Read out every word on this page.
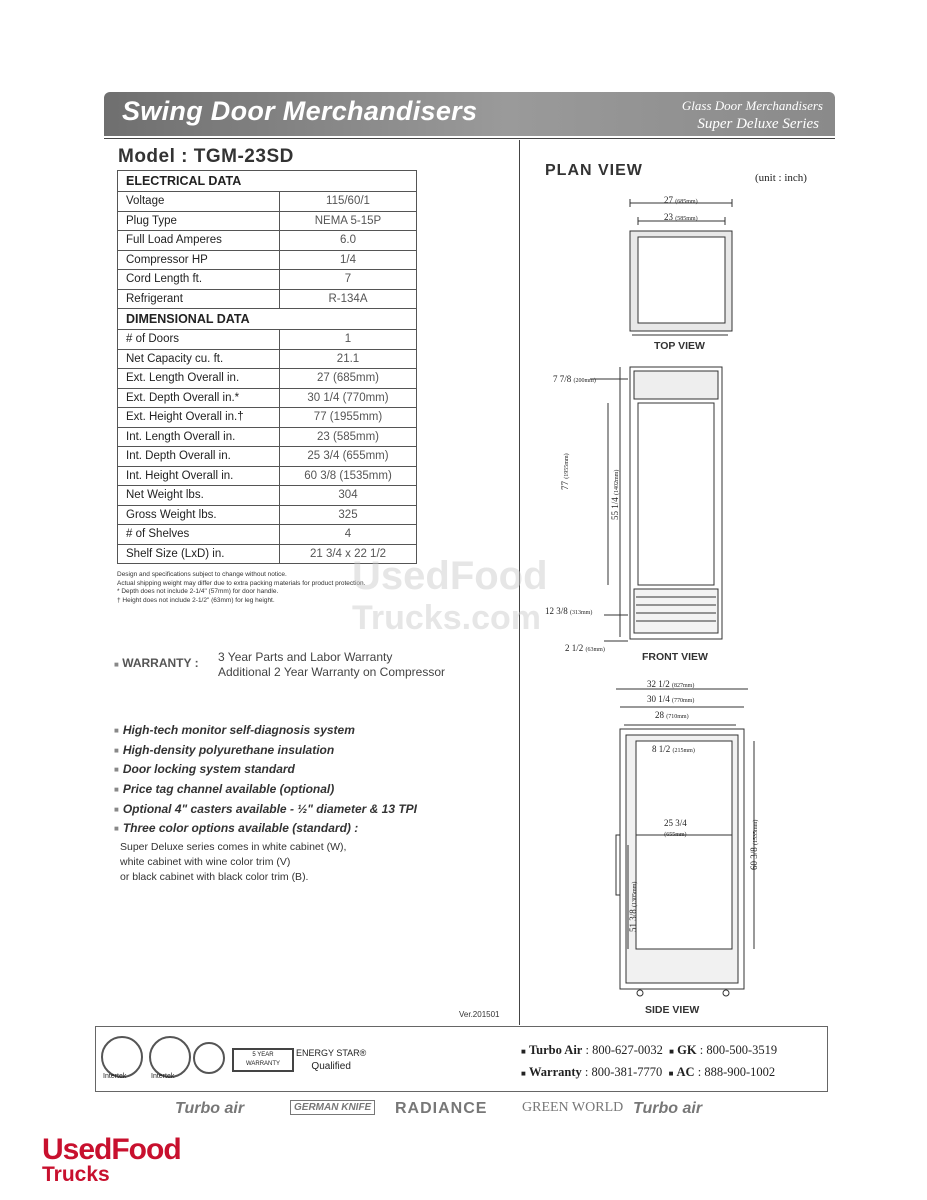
Swing Door Merchandisers	Glass Door Merchandisers
Super Deluxe Series
Model : TGM-23SD
ELECTRICAL DATA	
Voltage	115/60/1
Plug Type	NEMA 5-15P
Full Load Amperes	6.0
Compressor HP	1/4
Cord Length ft.	7
Refrigerant	R-134A
DIMENSIONAL DATA	
# of Doors	1
Net Capacity cu. ft.	21.1
Ext. Length Overall in.	27 (685mm)
Ext. Depth Overall in.*	30 1/4 (770mm)
Ext. Height Overall in.†	77 (1955mm)
Int. Length Overall in.	23 (585mm)
Int. Depth Overall in.	25 3/4 (655mm)
Int. Height Overall in.	60 3/8 (1535mm)
Net Weight lbs.	304
Gross Weight lbs.	325
# of Shelves	4
Shelf Size (LxD) in.	21 3/4 x 22 1/2
Design and specifications subject to change without notice.
Actual shipping weight may differ due to extra packing materials for product protection.
* Depth does not include 2-1/4" (57mm) for door handle.
† Height does not include 2-1/2" (63mm) for leg height.
■ WARRANTY : 3 Year Parts and Labor Warranty
Additional 2 Year Warranty on Compressor
■ High-tech monitor self-diagnosis system
■ High-density polyurethane insulation
■ Door locking system standard
■ Price tag channel available (optional)
■ Optional 4" casters available - ½" diameter & 13 TPI
■ Three color options available (standard) :
Super Deluxe series comes in white cabinet (W),
white cabinet with wine color trim (V)
or black cabinet with black color trim (B).
Ver.201501
PLAN VIEW	(unit : inch)
TOP VIEW
FRONT VIEW
SIDE VIEW
27 (685mm)
23 (585mm)
7 7/8 (200mm)
77 (1955mm)
55 1/4 (1402mm)
12 3/8 (313mm)
2 1/2 (63mm)
32 1/2 (827mm)
30 1/4 (770mm)
28 (710mm)
8 1/2 (215mm)
25 3/4
(655mm)
60 3/8 (1535mm)
51 3/8 (1305mm)
UsedFood
Trucks.com
Intertek	Intertek
5 YEAR WARRANTY
ENERGY STAR®
Qualified
■ Turbo Air : 800-627-0032 ■ GK : 800-500-3519
■ Warranty : 800-381-7770 ■ AC : 888-900-1002
Turbo air	GERMAN KNIFE RADIANCE GREEN WORLD Turbo air
UsedFood
Trucks
